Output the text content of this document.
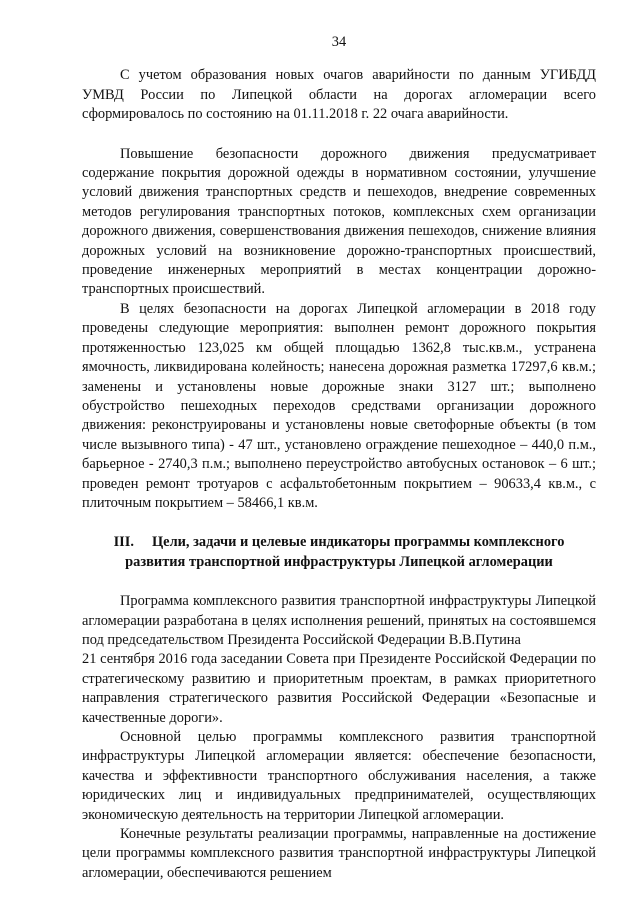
34

С учетом образования новых очагов аварийности по данным УГИБДД УМВД России по Липецкой области на дорогах агломерации всего сформировалось по состоянию на 01.11.2018 г. 22 очага аварийности.

Повышение безопасности дорожного движения предусматривает содержание покрытия дорожной одежды в нормативном состоянии, улучшение условий движения транспортных средств и пешеходов, внедрение современных методов регулирования транспортных потоков, комплексных схем организации дорожного движения, совершенствования движения пешеходов, снижение влияния дорожных условий на возникновение дорожно-транспортных происшествий, проведение инженерных мероприятий в местах концентрации дорожно-транспортных происшествий.

В целях безопасности на дорогах Липецкой агломерации в 2018 году проведены следующие мероприятия: выполнен ремонт дорожного покрытия протяженностью 123,025 км общей площадью 1362,8 тыс.кв.м., устранена ямочность, ликвидирована колейность; нанесена дорожная разметка 17297,6 кв.м.; заменены и установлены новые дорожные знаки 3127 шт.; выполнено обустройство пешеходных переходов средствами организации дорожного движения: реконструированы и установлены новые светофорные объекты (в том числе вызывного типа) - 47 шт., установлено ограждение пешеходное – 440,0 п.м., барьерное - 2740,3 п.м.; выполнено переустройство автобусных остановок – 6 шт.; проведен ремонт тротуаров с асфальтобетонным покрытием – 90633,4 кв.м., с плиточным покрытием – 58466,1 кв.м.

III. Цели, задачи и целевые индикаторы программы комплексного развития транспортной инфраструктуры Липецкой агломерации

Программа комплексного развития транспортной инфраструктуры Липецкой агломерации разработана в целях исполнения решений, принятых на состоявшемся под председательством Президента Российской Федерации В.В.Путина

21 сентября 2016 года заседании Совета при Президенте Российской Федерации по стратегическому развитию и приоритетным проектам, в рамках приоритетного направления стратегического развития Российской Федерации «Безопасные и качественные дороги».

Основной целью программы комплексного развития транспортной инфраструктуры Липецкой агломерации является: обеспечение безопасности, качества и эффективности транспортного обслуживания населения, а также юридических лиц и индивидуальных предпринимателей, осуществляющих экономическую деятельность на территории Липецкой агломерации.

Конечные результаты реализации программы, направленные на достижение цели программы комплексного развития транспортной инфраструктуры Липецкой агломерации, обеспечиваются решением
